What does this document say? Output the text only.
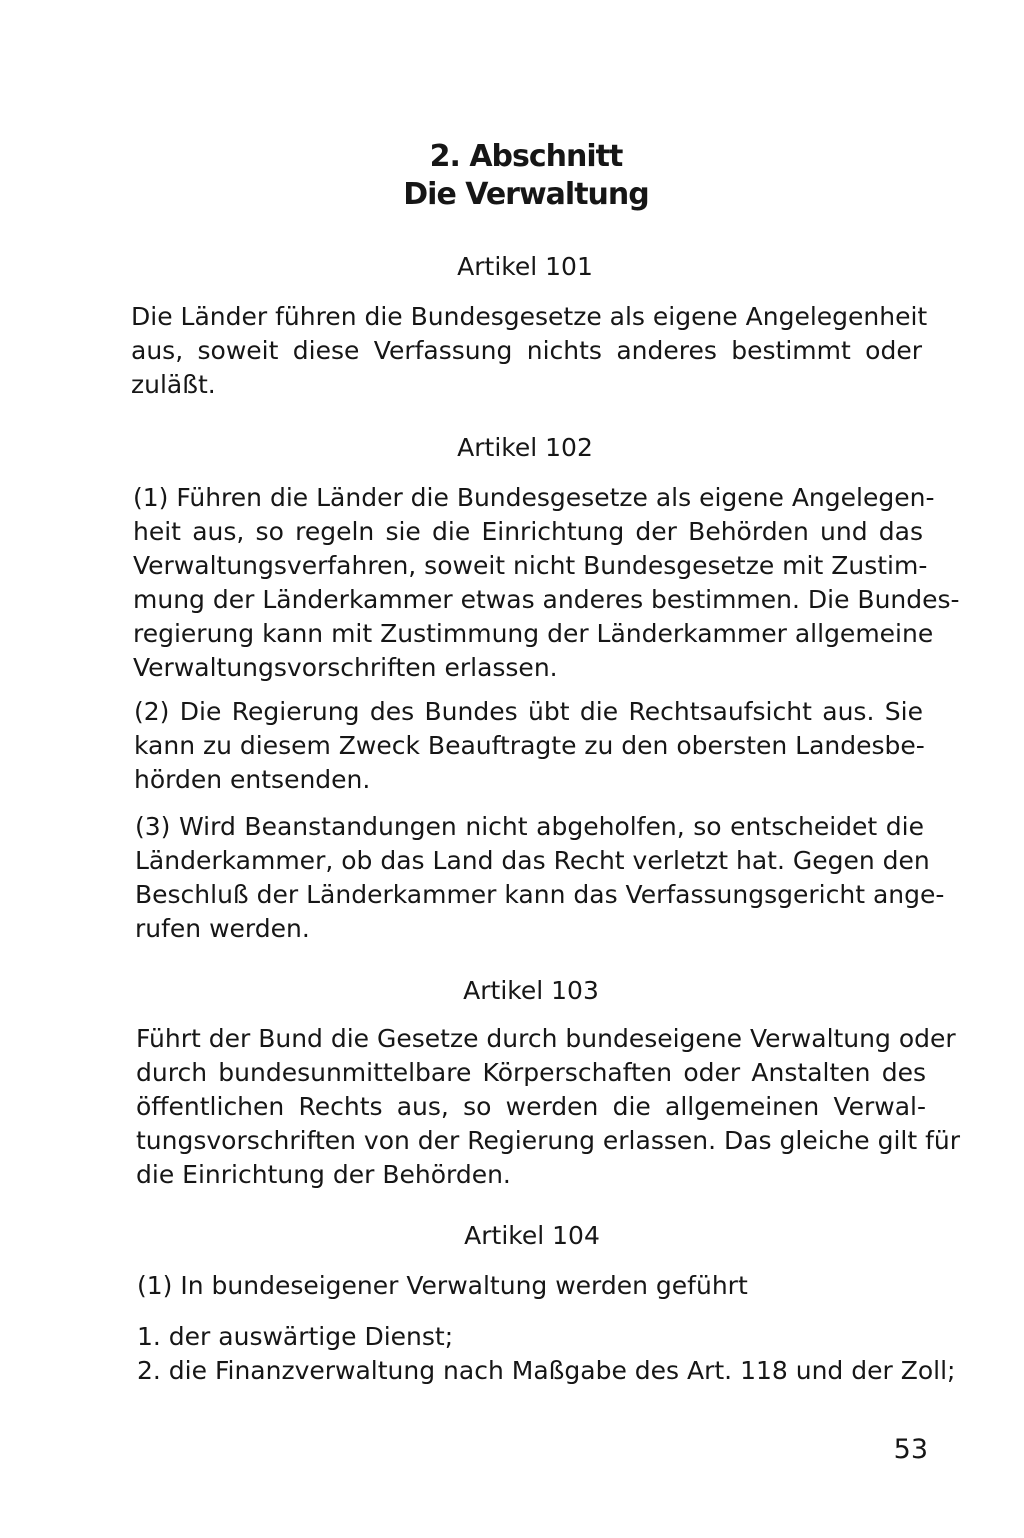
2. Abschnitt
Die Verwaltung
Artikel 101
Die Länder führen die Bundesgesetze als eigene Angelegenheit
aus, soweit diese Verfassung nichts anderes bestimmt oder
zuläßt.
Artikel 102
(1) Führen die Länder die Bundesgesetze als eigene Angelegen-
heit aus, so regeln sie die Einrichtung der Behörden und das
Verwaltungsverfahren, soweit nicht Bundesgesetze mit Zustim-
mung der Länderkammer etwas anderes bestimmen. Die Bundes-
regierung kann mit Zustimmung der Länderkammer allgemeine
Verwaltungsvorschriften erlassen.
(2) Die Regierung des Bundes übt die Rechtsaufsicht aus. Sie
kann zu diesem Zweck Beauftragte zu den obersten Landesbe-
hörden entsenden.
(3) Wird Beanstandungen nicht abgeholfen, so entscheidet die
Länderkammer, ob das Land das Recht verletzt hat. Gegen den
Beschluß der Länderkammer kann das Verfassungsgericht ange-
rufen werden.
Artikel 103
Führt der Bund die Gesetze durch bundeseigene Verwaltung oder
durch bundesunmittelbare Körperschaften oder Anstalten des
öffentlichen Rechts aus, so werden die allgemeinen Verwal-
tungsvorschriften von der Regierung erlassen. Das gleiche gilt für
die Einrichtung der Behörden.
Artikel 104
(1) In bundeseigener Verwaltung werden geführt
1. der auswärtige Dienst;
2. die Finanzverwaltung nach Maßgabe des Art. 118 und der Zoll;
53
